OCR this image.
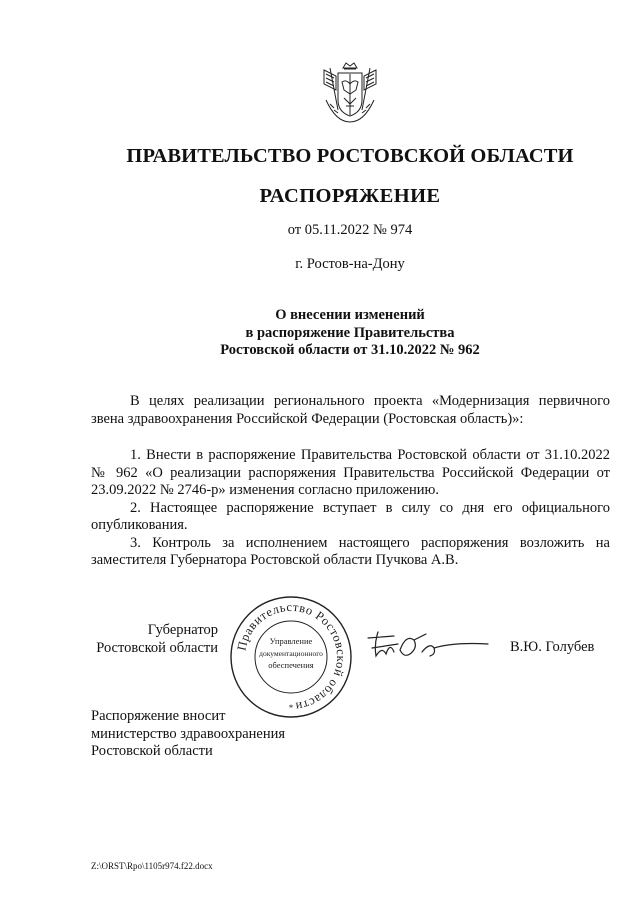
ПРАВИТЕЛЬСТВО РОСТОВСКОЙ ОБЛАСТИ
РАСПОРЯЖЕНИЕ
от 05.11.2022 № 974
г. Ростов-на-Дону
О внесении изменений
в распоряжение Правительства
Ростовской области от 31.10.2022 № 962

В целях реализации регионального проекта «Модернизация первичного звена здравоохранения Российской Федерации (Ростовская область)»:

1. Внести в распоряжение Правительства Ростовской области от 31.10.2022 № 962 «О реализации распоряжения Правительства Российской Федерации от 23.09.2022 № 2746-р» изменения согласно приложению.

2. Настоящее распоряжение вступает в силу со дня его официального опубликования.

3. Контроль за исполнением настоящего распоряжения возложить на заместителя Губернатора Ростовской области Пучкова А.В.

Губернатор
Ростовской области Правительство Ростовской области
Управление
документационного
обеспечения
*
В.Ю. Голубев
Распоряжение вносит
министерство здравоохранения
Ростовской области
Z:\ORST\Rpo\1105r974.f22.docx
